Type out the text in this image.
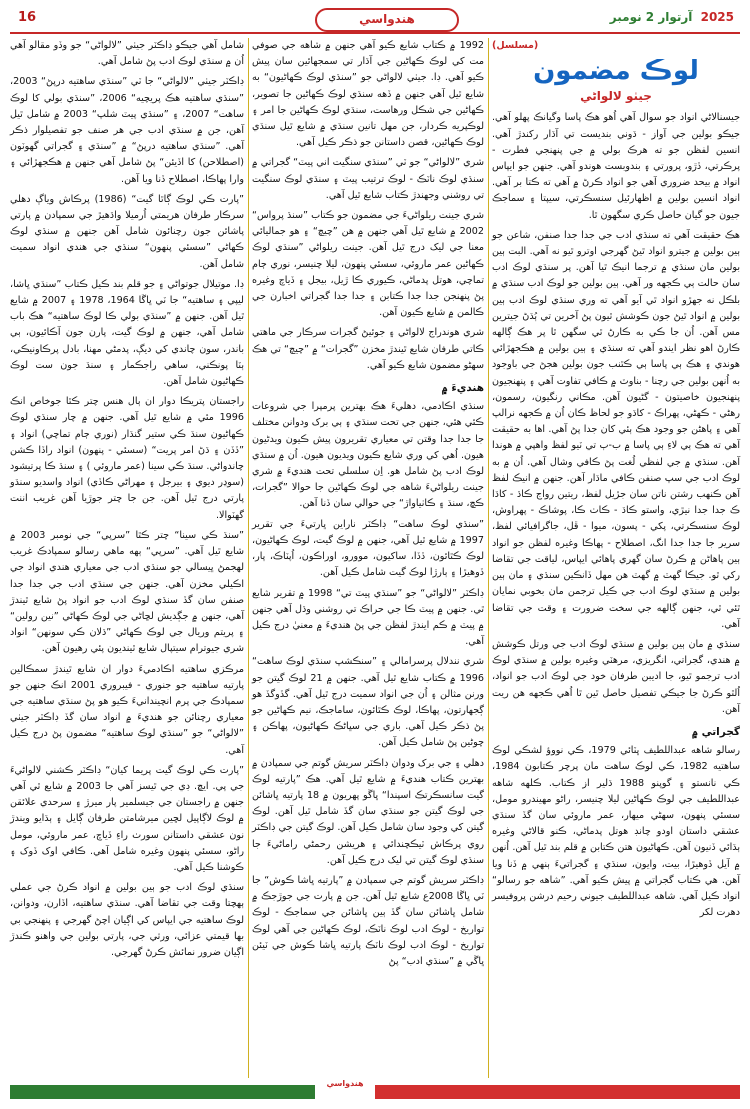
16	هندواسي	2025 آرتوار 2 نومبر
(مسلسل)
لوڪ مضمون
جيٺو لالواڻي

جيسنالاڻي انواد جو سوال آهي اُهو هڪ پاسا وگيانڪ پهلو آهي. جيڪو بولين جي آواز - ڌوني بنديست تي آڌار رکندڙ آهي. انسين لفظن جو ته هرڪ بولي ۾ جي پنهنجي فطرت - پرڪرتي، ڏڙو، پرورتي ۽ بندوبست هوندو آهي. جنهن جو ايپاس انواد ۾ بيحد ضروري آهي جو انواد ڪرڻ ۾ آهي ته ڪتا بر آهي. انواد انسين بولين ۾ اظهارئيل سنسڪرتي، سيپتا ۽ سماجڪ جيون جو گيان حاصل ڪري سگهون ٿا.

هڪ حقيقت آهي ته سنڌي ادب جي جدا جدا صنفن، شاعن جو ٻين بولين ۾ جيترو انواد ٿيڻ گهرجي اوترو ٿيو نه آهي. البت ٻين بولين مان سنڌي ۾ ترجما انيڪ ٿيا آهن. پر سنڌي لوڪ ادب سان حالت ٻي ڪجهه ور آهي. ٻين بولين جو لوڪ ادب سنڌي ۾ بلڪل نه جهڙو انواد ٿي آيو آهي ته وري سنڌي لوڪ ادب ٻين بولين ۾ انواد ٿيڻ جون ڪوشش ٿيون پڻ آخرين تي ٻُڌڻ جيترين مس آهن. اُن جا ڪي به ڪارڻ ٿي سگهن ٿا پر هڪ ڳالهه ڪارڻ اهو نظر ايندو آهي ته سنڌي ۽ ٻين بولين ۾ هڪجهڙائي هوندي ۽ هڪ ٻي پاسا ٻي ڪٿنب جون بولين هجڻ جي باوجود به اُنهن بولين جي رچنا - بناوٽ ۾ ڪافي تفاوت آهي ۽ پنهنجيون پنهنجيون خاصيتون - گڻيون آهن. مڪاني رنگيون، رسمون، رهڻي - ڪهڻي، پهراڪ - کاڌو جو لحاظ ڪان اُن ۾ ڪجهه نرالپ آهي ۽ پاهڻن جو وجود هڪ ٻئي کان جدا پڻ آهي. اها به حقيقت آهي ته هڪ ٻي لاءِ ٻي پاسا ۾ ب-ٻ تي ٽيو لفظ واهپي ۾ هوندا آهن. سنڌي ۾ جي لفظي لُغت پڻ ڪافي وشال آهي. اُن ۾ به لوڪ ادب جي سپ صنفن ڪافي ماڌار آهن. جنهن ۾ انيڪ لفظ آهن ڪنهب رشتن ناتن سان جڙيل لفظ، ريتين رواج ڪاڌ - کاڌا ڪ جدا جدا نيڙي، واستو ڪاڌ - ڪاٺ ڪا، پوشاڪ - پهراوش، لوڪ سنسڪرتي، پکي - پسون، ميوا - ڦل، جاگرافيائي لفظ، سرير جا جدا جدا انگ، اصطلاح - پهاڪا وغيره لفظن جو انواد ٻين پاهاڻن ۾ ڪرڻ سان گهري پاهائي ايپاس، لياقت جي تقاضا رکي ٿو. جيڪا گهٽ ۾ گهٽ هن مهل ڏانڪين سنڌي ۽ مان ٻين بولين ۾ سنڌي لوڪ ادب جي ڪيل ترجمن مان بخوبي نمايان ٿئي ٿي، جنهن ڳالهه جي سخت ضرورت ۽ وقت جي تقاضا آهي.

سنڌي ۾ مان ٻين بولين ۾ سنڌي لوڪ ادب جي ورتل ڪوشش ۾ هندي، گجراتي، انگريزي، مرهٽي وغيره بولين ۾ سنڌي لوڪ ادب ترجمو ٿيو، جا اديبن طرفان خود جي لوڪ ادب جو انواد، اُلٿو ڪرڻ جا جيڪي تفصيل حاصل ٿين ٿا اُهي ڪجهه هن ريت آهن.

گجراتي ۾

رسالو شاهه عبداللطيف ڀٽائي 1979، ڪي نووؤ لشڪي لوڪ ساهتيه 1982، ڪي لوڪ ساهت مان پرچر ڪتابون 1984، ڪي نانستو ۽ گوپنو 1988 ڌلير از ڪتاب. ڪلهه شاهه عبداللطيف جي لوڪ ڪهاڻين ليلا چنيسر، راڻو مهيندرو مومل، سسئي پنهون، سهڻي ميهار، عمر ماروئي سان گڏ سنڌي عشقي داستان اودو چانڊ هوتل پدماڻي، ڪنو قالاڻي وغيره ٻڌائي ڏنيون آهن. ڪهاڻيون هتن ڪتابن ۾ قلم بند ٿيل آهن. اُنهن ۾ آيل ڏوهيڙا، بيت، وايون، سنڌي ۽ گجراتيءَ ٻنهي ۾ ڏنا ويا آهن. هي ڪتاب گجراتي ۾ پيش ڪيو آهي. ”شاهه جو رسالو“ انواد ڪيل آهي. شاهه عبداللطيف جيوني رحيم درشن پروفيسر دهرت لکر

1992 ۾ ڪتاب شايع ڪيو آهي جنهن ۾ شاهه جي صوفي مت کي لوڪ ڪهاڻين جي آڌار تي سمجهائين سان پيش ڪيو آهي. ڊا. جيٺي لالواڻي جو ”سنڌي لوڪ ڪهاڻيون“ به شايع ٿيل آهي جنهن ۾ ڏهه سنڌي لوڪ ڪهاڻين جا تصوير، ڪهاڻين جي شڪل ورهاست، سنڌي لوڪ ڪهاڻين جا امر ۽ لوڪپريه ڪردار، جن مهل تانين سنڌي ۾ شايع ٿيل سنڌي لوڪ ڪهاڻين، قصن داستانن جو ذڪر ڪيل آهي.

شري ”لالواڻي“ جو ٽي ”سنڌي سنگيت اني پيٽ“ گجراتي ۾ سنڌي لوڪ ناٽڪ - لوڪ ترتيب پيٽ ۽ سنڌي لوڪ سنگيت تي روشني وجهندڙ ڪتاب شايع ٿيل آهي.

شري جينت ريلواڻيءَ جي مضمون جو ڪتاب ”سنڌ پرواس“ 2002 ۾ شايع ٿيل آهي جنهن ۾ هن ”چيچ“ ۽ هو جماليائي معنا جي ليک درج ٿيل آهن. جينت ريلواڻي ”سنڌي لوڪ ڪهاڻين عمر ماروئي، سسئي پنهون، ليلا چنيسر، نوري ڄام تماچي، هوتل پدماڻي، ڪيوري ڪا ڙيل، بيجل ۽ ڏياچ وغيره پڻ پنهنجن جدا جدا ڪتابن ۽ جدا جدا گجراتي اخبارن جي ڪالمن ۾ شايع ڪيون آهن.

شري هوندراج لالواڻي ۽ جوئيڻ گجرات سرڪار جي ماهتي ڪاتي طرفان شايع ٿيندڙ مخزن ”گجرات“ ۾ ”چيچ“ تي هڪ سهڻو مضمون شايع ڪيو آهي.

هنديءَ ۾

سنڌي اڪادمي، دهليءَ هڪ بهترين پرمپرا جي شروعات ڪئي هئي، جنهن جي تحت سنڌي ۽ ٻي برک ودوانن مختلف جا جدا جدا وقتن تي معياري تقريرون پيش ڪيون ويدڻيون هيون. اُهي کي وري شايع ڪيون ويديون هيون. اُن ۾ سنڌي لوڪ ادب پڻ شامل هو. اِن سلسلي تحت هنديءَ ۾ شري جينت ريلواڻيءَ شاهه جي لوڪ ڪهاڻين جا حوالا ”گجرات، ڪڇ، سنڌ ۽ ڪاٺياواڙ“ جي حوالي سان ڏنا آهن.

”سنڌي لوڪ ساهت“ ڊاڪٽر ناراين ڀارتيءَ جي تقرير 1997 ۾ شايع ٿيل آهي، جنهن ۾ لوڪ گيت، لوڪ ڪهاڻيون، لوڪ ڪٿائون، ڏڏا، ساکيون، موورو، اوراڪون، اُپٽاڪ، پار، ڏوهيڙا ۽ ٻارڙا لوڪ گيت شامل ڪيل آهن.

ڊاڪٽر ”لالواڻي“ جو ”سنڌي پيٽ تي“ 1998 ۾ تقرير شايع ٿي. جنهن ۾ پيٽ ڪا جي حراڪ تي روشني وڌل آهي جنهن ۾ پيٽ ۾ ڪم ايندڙ لفظن جي پڻ هنديءَ ۾ معنيٰ درج ڪيل آهي.

شري نندلال پرسرامالي ۽ ”سنڪشپ سنڌي لوڪ ساهت“ 1996 ۾ ڪتاب شايع ٿيل آهي. جنهن ۾ 21 لوڪ گيتن جو ورنن مثالن ۽ اُن جي انواد سميت درج ٿيل آهي. گڏوگڏ هو ڳجهارتون، پهاڪا، لوڪ ڪٿائون، ساماجڪ، نيم ڪهاڻين جو پڻ ذڪر ڪيل آهي. باري جي سڀاڻڪ ڪهاڻيون، پهاڪن ۽ چوڻين پڻ شامل ڪيل آهن.

دهلي ۽ جي برک ودوان ڊاڪٽر سريش گوتم جي سمپادن ۾ بهترين ڪتاب هنديءَ ۾ شايع ٿيل آهي. هڪ ”پارتيه لوڪ گيت سانسڪرتڪ اسپندا“ ڀاڱو پهريون ۾ 18 پارتيه ڀاشائن جي لوڪ گيتن جو سنڌي سان گڏ شامل ٿيل آهن. لوڪ گيتن کي وجود سان شامل ڪيل آهن. لوڪ گيتن جي ڊاڪٽر روي پرڪاش ٽيڪچندائي ۽ هريشن رحمڻي راماڻيءَ جا سنڌي لوڪ گيتن تي ليک درج ڪيل آهن.

ڊاڪٽر سريش گوتم جي سمپادن ۾ ”پارتيه ڀاشا ڪوش“ جا ٽي ڀاڱا 2008ع شايع ٿيل آهن. جن ۾ پارت جي جوڙجڪ ۾ شامل ڀاشائن سان گڏ ٻين ڀاشائن جي سماجڪ - لوڪ تواريخ - لوڪ ادب لوڪ ناٽڪ، لوڪ ڪهاڻين جي آهي لوڪ تواريخ - لوڪ ادب لوڪ ناٽڪ پارتيه ڀاشا ڪوش جي ٽيئن ڀاڱي ۾ ”سنڌي ادب“ پڻ

شامل آهي جيڪو ڊاڪٽر جيٺي ”لالواڻي“ جو وڏو مقالو آهي اُن ۾ سنڌي لوڪ ادب پڻ شامل آهي.

ڊاڪٽر جيٺي ”لالواڻي“ جا ٽي ”سنڌي ساهتيه درپڻ“ 2003، ”سنڌي ساهتيه هڪ پريچيه“ 2006، ”سنڌي بولي کا لوڪ ساهت“ 2007، ۽ ”سنڌي پيٽ شلپ“ 2003 ۾ شامل ٿيل آهن، جن ۾ سنڌي ادب جي هر صنف جو تفصيلوار ذڪر آهي. ”سنڌي ساهتيه درپڻ“ ۾ ”سنڌي ۽ گجراتي گهوٽون (اصطلاحن) کا اڏيئن“ پڻ شامل آهي جنهن ۾ هڪجهڙائي ۽ وارا پهاڪا، اصطلاح ڏنا ويا آهن.

”پارت ڪي لوڪ ڳاٿا گيت“ (1986) پرڪاش وياڳ دهلي سرڪار طرفان هريمتي اُرميلا واڌهيڙ جي سمپادن ۾ پارتي پاشائن جون رچنائون شامل آهن جنهن ۾ سنڌي لوڪ ڪهاڻي ”سسئي پنهون“ سنڌي جي هندي انواد سميت شامل آهن.

ڊا. موتيلال جوتواڻي ۽ جو قلم بند ڪيل ڪتاب ”سنڌي ڀاشا، ليپي ۽ ساهتيه“ جا ٽي ڀاڱا 1964، 1978 ۽ 2007 ۾ شايع ٿيل آهن. جنهن ۾ ”سنڌي بولي ڪا لوڪ ساهتيه“ هڪ باب شامل آهي، جنهن ۾ لوڪ گيت، پارن جون آڪائيون، ٻي باندر، سون چاندي کي ديڳ، پدمڻي مهنا، بادل پرڪاونيڪي، ٻٽا پونڪني، ساهي راجڪمار ۽ سنڌ جون ست لوڪ ڪهاڻيون شامل آهن.

راجستان پتريڪا دوار ان ٻال هنس چتر ڪٿا جوخاص انڪ 1996 مئي ۾ شايع ٿيل آهي. جنهن ۾ چار سنڌي لوڪ ڪهاڻيون سنڌ ڪي ستير گنڌار (نوري ڄام تماچي) انواد ۽ ”ڏڏن ۽ ڌڻ امر پريت“ (سسئي - پنهون) انواد راڏا ڪشن چاندواڻي. سنڌ ڪي سينا (عمر ماروئي ) ۽ سنڌ ڪا پرتيشود (سوڍر ديوي ۽ بيرجل ۽ مهراڻي ڪاڏي) انواد واسديو سنڌو پارتي درج ٿيل آهن. جن جا چتر جوڙيا آهن غريب اننت گهٽوالا.

”سنڌ ڪي سينا“ چتر ڪٿا ”سرپي“ جي نومبر 2003 ۾ شايع ٿيل آهي. ”سرپي“ ٻهه ماهي رسالو سمپادڪ غريب لهجمڻ ڀيسالي جو سنڌي ادب جي معياري هندي انواد جي اڪيلي مخزن آهي. جنهن جي سنڌي ادب جي جدا جدا صنفن سان گڏ سنڌي لوڪ ادب جو انواد پڻ شايع ٿيندڙ آهي، جنهن ۾ جڳديش لڇاڻي جي لوڪ ڪهاڻي ”نين رولين“ ۽ پريتم وريال جي لوڪ ڪهاڻي ”ڌلان ڪي سونهن“ انواد شري جيوترام سيتپال شايع ٿينديون پئي رهيون آهن.

مرڪزي ساهتيه اڪادميءَ دوار ان شايع ٿيندڙ سمڪالين پارتيه ساهتيه جو جنوري - فيبروري 2001 انڪ جنهن جو سمپادڪ جي پرم انچيندانيءَ ڪيو هو پڻ سنڌي ساهتيه جي معياري رچنائن جو هنديءَ ۾ انواد سان گڏ ڊاڪٽر جيٺي ”لالواڻي“ جو ”سنڌي لوڪ ساهتيه“ مضمون پڻ درج ڪيل آهي.

”پارت ڪي لوڪ گيت پريما کيان“ ڊاڪٽر ڪشني لالواڻيءَ جي پي. ايڇ. ڊي جي ٿيسز آهي جا 2003 ۾ شايع ٿي آهي جنهن ۾ راجستان جي جيسلمير پار ميرڙ ۽ سرحدي علائقن ۾ لوڪ لاڳاپيل لڇين ميرشامتن طرفان ڳايل ۽ ٻڌايو ويندڙ نون عشقي داستانن سورٺ راءِ ڏياچ، عمر ماروئي، مومل راڻو، سسئي پنهون وغيره شامل آهي. ڪافي اوک ڏوک ۽ ڪوشنا ڪيل آهي.

سنڌي لوڪ ادب جو ٻين بولين ۾ انواد ڪرڻ جي عملي ٻهچتا وقت جي تقاضا آهي. سنڌي ساهتيه، اڏارن، ودوانن، لوڪ ساهتيه جي ايپاس کي اڳيان اچڻ گهرجي ۽ پنهنجي بي بها قيمتي عزائي، ورثي جي، پارتي بولين جي واهنو ڪندڙ اڳيان ضرور نمائش ڪرڻ گهرجي.

هندواسي
